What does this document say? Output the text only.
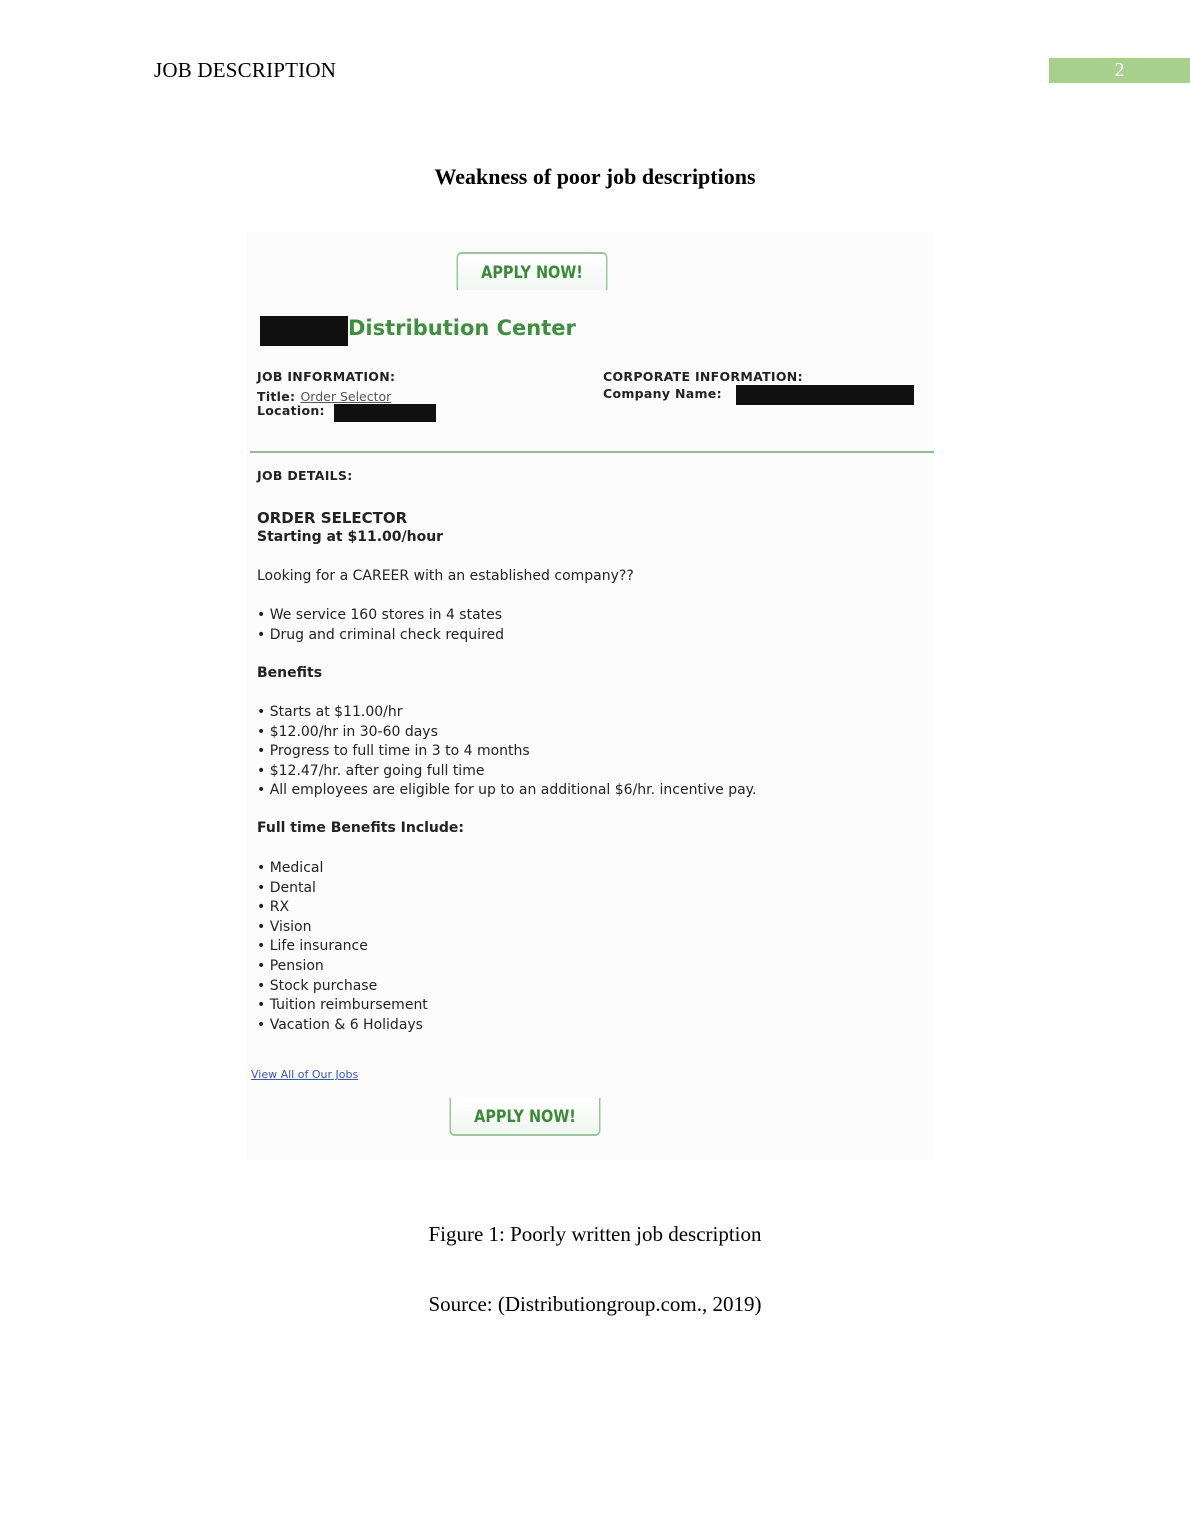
JOB DESCRIPTION	2
Weakness of poor job descriptions
APPLY NOW!
Distribution Center
JOB INFORMATION:
Title: Order Selector
Location:
CORPORATE INFORMATION:
Company Name:
JOB DETAILS:
ORDER SELECTOR
Starting at $11.00/hour
Looking for a CAREER with an established company??
• We service 160 stores in 4 states
• Drug and criminal check required
Benefits
• Starts at $11.00/hr
• $12.00/hr in 30-60 days
• Progress to full time in 3 to 4 months
• $12.47/hr. after going full time
• All employees are eligible for up to an additional $6/hr. incentive pay.
Full time Benefits Include:
• Medical
• Dental
• RX
• Vision
• Life insurance
• Pension
• Stock purchase
• Tuition reimbursement
• Vacation & 6 Holidays
View All of Our Jobs
APPLY NOW!
Figure 1: Poorly written job description
Source: (Distributiongroup.com., 2019)
